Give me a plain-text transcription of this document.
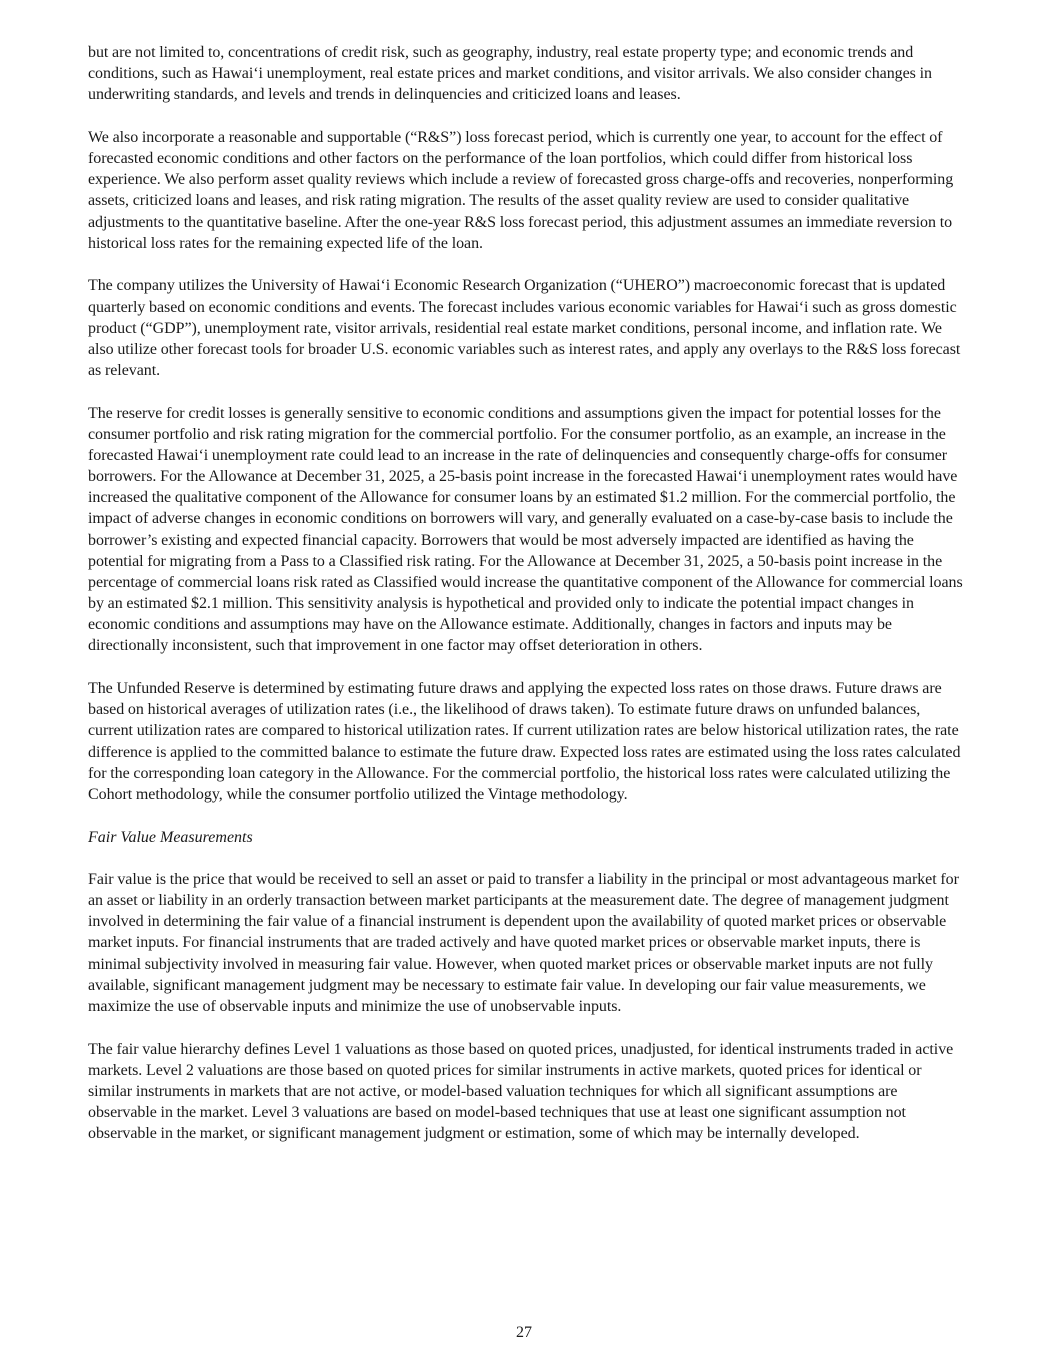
but are not limited to, concentrations of credit risk, such as geography, industry, real estate property type; and economic trends and conditions, such as Hawai‘i unemployment, real estate prices and market conditions, and visitor arrivals. We also consider changes in underwriting standards, and levels and trends in delinquencies and criticized loans and leases.

We also incorporate a reasonable and supportable (“R&S”) loss forecast period, which is currently one year, to account for the effect of forecasted economic conditions and other factors on the performance of the loan portfolios, which could differ from historical loss experience. We also perform asset quality reviews which include a review of forecasted gross charge-offs and recoveries, nonperforming assets, criticized loans and leases, and risk rating migration. The results of the asset quality review are used to consider qualitative adjustments to the quantitative baseline. After the one-year R&S loss forecast period, this adjustment assumes an immediate reversion to historical loss rates for the remaining expected life of the loan.

The company utilizes the University of Hawai‘i Economic Research Organization (“UHERO”) macroeconomic forecast that is updated quarterly based on economic conditions and events. The forecast includes various economic variables for Hawai‘i such as gross domestic product (“GDP”), unemployment rate, visitor arrivals, residential real estate market conditions, personal income, and inflation rate. We also utilize other forecast tools for broader U.S. economic variables such as interest rates, and apply any overlays to the R&S loss forecast as relevant.

The reserve for credit losses is generally sensitive to economic conditions and assumptions given the impact for potential losses for the consumer portfolio and risk rating migration for the commercial portfolio. For the consumer portfolio, as an example, an increase in the forecasted Hawai‘i unemployment rate could lead to an increase in the rate of delinquencies and consequently charge-offs for consumer borrowers. For the Allowance at December 31, 2025, a 25-basis point increase in the forecasted Hawai‘i unemployment rates would have increased the qualitative component of the Allowance for consumer loans by an estimated $1.2 million. For the commercial portfolio, the impact of adverse changes in economic conditions on borrowers will vary, and generally evaluated on a case-by-case basis to include the borrower’s existing and expected financial capacity. Borrowers that would be most adversely impacted are identified as having the potential for migrating from a Pass to a Classified risk rating. For the Allowance at December 31, 2025, a 50-basis point increase in the percentage of commercial loans risk rated as Classified would increase the quantitative component of the Allowance for commercial loans by an estimated $2.1 million. This sensitivity analysis is hypothetical and provided only to indicate the potential impact changes in economic conditions and assumptions may have on the Allowance estimate. Additionally, changes in factors and inputs may be directionally inconsistent, such that improvement in one factor may offset deterioration in others.

The Unfunded Reserve is determined by estimating future draws and applying the expected loss rates on those draws. Future draws are based on historical averages of utilization rates (i.e., the likelihood of draws taken). To estimate future draws on unfunded balances, current utilization rates are compared to historical utilization rates. If current utilization rates are below historical utilization rates, the rate difference is applied to the committed balance to estimate the future draw. Expected loss rates are estimated using the loss rates calculated for the corresponding loan category in the Allowance. For the commercial portfolio, the historical loss rates were calculated utilizing the Cohort methodology, while the consumer portfolio utilized the Vintage methodology.

Fair Value Measurements

Fair value is the price that would be received to sell an asset or paid to transfer a liability in the principal or most advantageous market for an asset or liability in an orderly transaction between market participants at the measurement date. The degree of management judgment involved in determining the fair value of a financial instrument is dependent upon the availability of quoted market prices or observable market inputs. For financial instruments that are traded actively and have quoted market prices or observable market inputs, there is minimal subjectivity involved in measuring fair value. However, when quoted market prices or observable market inputs are not fully available, significant management judgment may be necessary to estimate fair value. In developing our fair value measurements, we maximize the use of observable inputs and minimize the use of unobservable inputs.

The fair value hierarchy defines Level 1 valuations as those based on quoted prices, unadjusted, for identical instruments traded in active markets. Level 2 valuations are those based on quoted prices for similar instruments in active markets, quoted prices for identical or similar instruments in markets that are not active, or model-based valuation techniques for which all significant assumptions are observable in the market. Level 3 valuations are based on model-based techniques that use at least one significant assumption not observable in the market, or significant management judgment or estimation, some of which may be internally developed.

27
